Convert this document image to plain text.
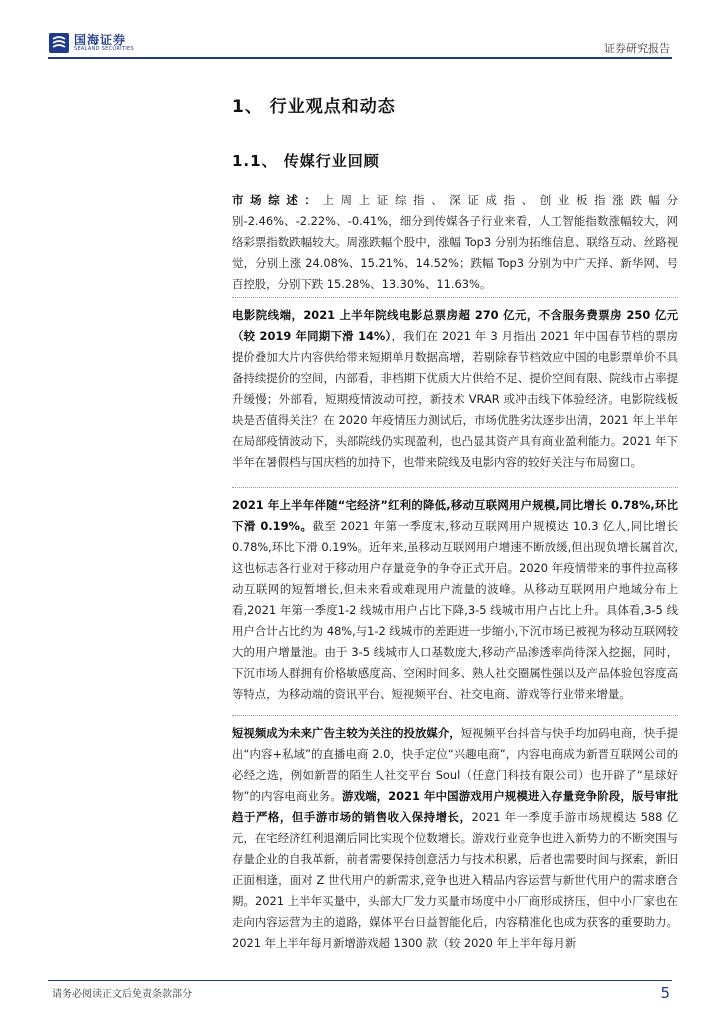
国海证券
SEALAND SECURITIES	证券研究报告
1、 行业观点和动态
1.1、 传媒行业回顾
市场综述：上周上证综指、深证成指、创业板指涨跌幅分别-2.46%、-2.22%、-0.41%，细分到传媒各子行业来看，人工智能指数涨幅较大，网络彩票指数跌幅较大。周涨跌幅个股中，涨幅 Top3 分别为拓维信息、联络互动、丝路视觉，分别上涨 24.08%、15.21%、14.52%；跌幅 Top3 分别为中广天择、新华网、号百控股，分别下跌 15.28%、13.30%、11.63%。
电影院线端，2021 上半年院线电影总票房超 270 亿元，不含服务费票房 250 亿元（较 2019 年同期下滑 14%），我们在 2021 年 3 月指出 2021 年中国春节档的票房提价叠加大片内容供给带来短期单月数据高增，若剔除春节档效应中国的电影票单价不具备持续提价的空间，内部看，非档期下优质大片供给不足、提价空间有限、院线市占率提升缓慢；外部看，短期疫情波动可控，新技术 VRAR 或冲击线下体验经济。电影院线板块是否值得关注？在 2020 年疫情压力测试后，市场优胜劣汰逐步出清，2021 年上半年在局部疫情波动下，头部院线仍实现盈利，也凸显其资产具有商业盈利能力。2021 年下半年在暑假档与国庆档的加持下，也带来院线及电影内容的较好关注与布局窗口。
2021 年上半年伴随“宅经济”红利的降低,移动互联网用户规模,同比增长 0.78%,环比下滑 0.19%。截至 2021 年第一季度末,移动互联网用户规模达 10.3 亿人,同比增长 0.78%,环比下滑 0.19%。近年来,虽移动互联网用户增速不断放缓,但出现负增长属首次,这也标志各行业对于移动用户存量竞争的争夺正式开启。2020 年疫情带来的事件拉高移动互联网的短暂增长,但未来看或难现用户流量的波峰。从移动互联网用户地域分布上看,2021 年第一季度1-2 线城市用户占比下降,3-5 线城市用户占比上升。具体看,3-5 线用户合计占比约为 48%,与1-2 线城市的差距进一步缩小,下沉市场已被视为移动互联网较大的用户增量池。由于 3-5 线城市人口基数庞大,移动产品渗透率尚待深入挖掘，同时，下沉市场人群拥有价格敏感度高、空闲时间多、熟人社交圈属性强以及产品体验包容度高等特点，为移动端的资讯平台、短视频平台、社交电商、游戏等行业带来增量。
短视频成为未来广告主较为关注的投放媒介，短视频平台抖音与快手均加码电商，快手提出“内容+私域”的直播电商 2.0，快手定位“兴趣电商”，内容电商成为新晋互联网公司的必经之选，例如新晋的陌生人社交平台 Soul（任意门科技有限公司）也开辟了“星球好物”的内容电商业务。游戏端，2021 年中国游戏用户规模进入存量竞争阶段，版号审批趋于严格，但手游市场的销售收入保持增长，2021 年一季度手游市场规模达 588 亿元，在宅经济红利退潮后同比实现个位数增长。游戏行业竞争也进入新势力的不断突围与存量企业的自我革新，前者需要保持创意活力与技术积累，后者也需要时间与探索，新旧正面相逢，面对 Z 世代用户的新需求,竞争也进入精品内容运营与新世代用户的需求磨合期。2021 上半年买量中，头部大厂发力买量市场度中小厂商形成挤压，但中小厂家也在走向内容运营为主的道路，媒体平台日益智能化后，内容精准化也成为获客的重要助力。2021 年上半年每月新增游戏超 1300 款（较 2020 年上半年每月新
请务必阅读正文后免责条款部分	5
